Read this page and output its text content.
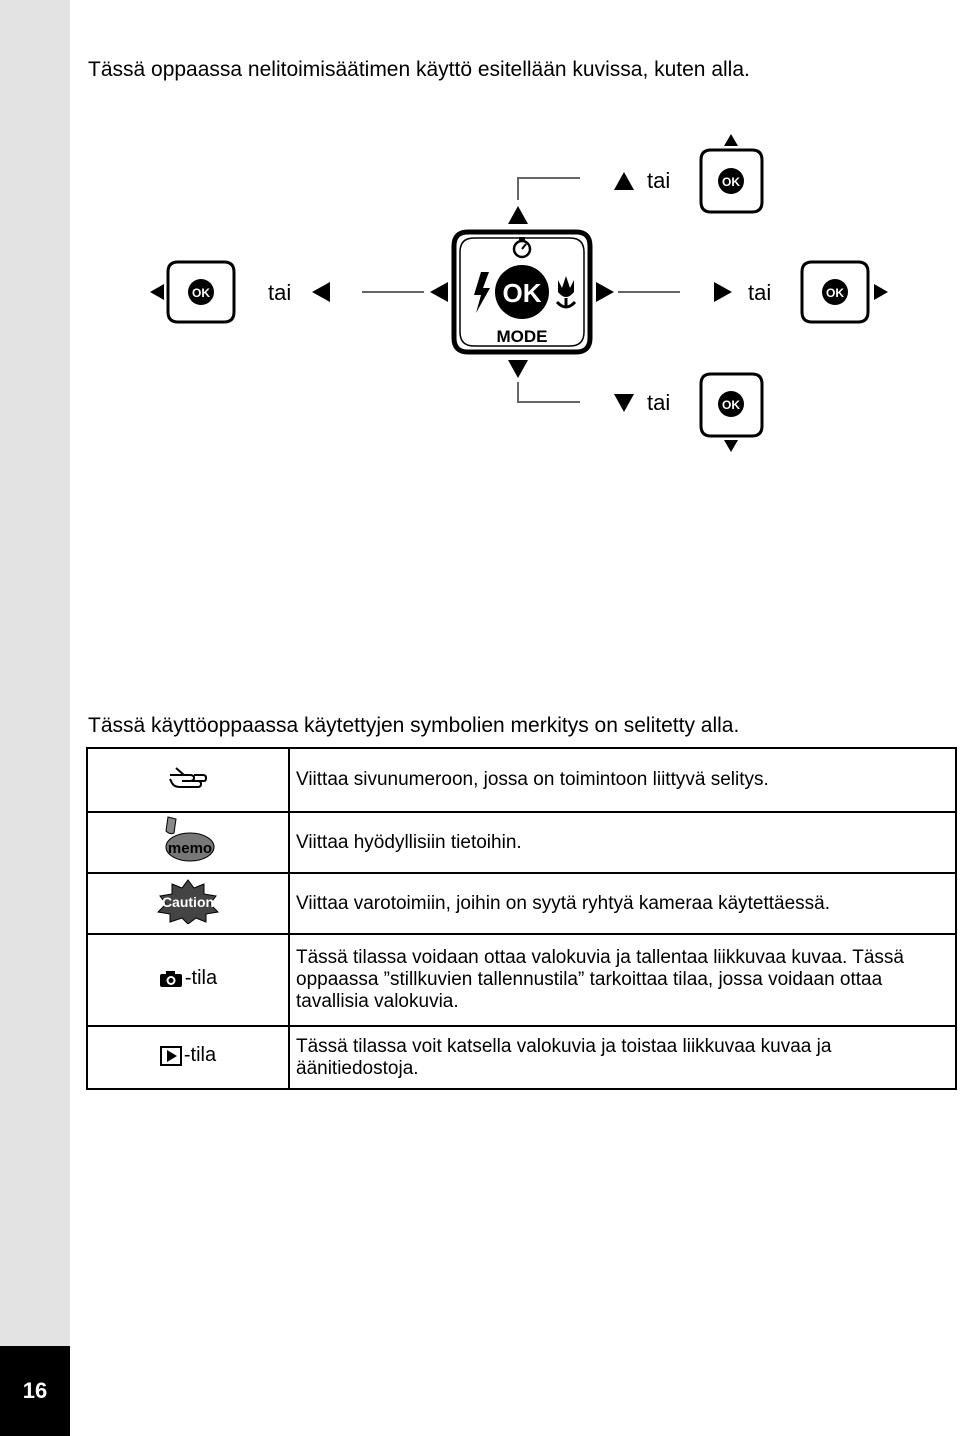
16
Tässä oppaassa nelitoimisäätimen käyttö esitellään kuvissa, kuten alla.
OK
MODE
tai	OK
tai	OK
OK	tai	tai	OK
Tässä käyttöoppaassa käytettyjen symbolien merkitys on selitetty alla.
	Viittaa sivunumeroon, jossa on toimintoon liittyvä selitys.

memo	Viittaa hyödyllisiin tietoihin.

Caution	Viittaa varotoimiin, joihin on syytä ryhtyä kameraa käytettäessä.

-tila	Tässä tilassa voidaan ottaa valokuvia ja tallentaa liikkuvaa kuvaa. Tässä oppaassa ”stillkuvien tallennustila” tarkoittaa tilaa, jossa voidaan ottaa tavallisia valokuvia.

-tila	Tässä tilassa voit katsella valokuvia ja toistaa liikkuvaa kuvaa ja äänitiedostoja.
